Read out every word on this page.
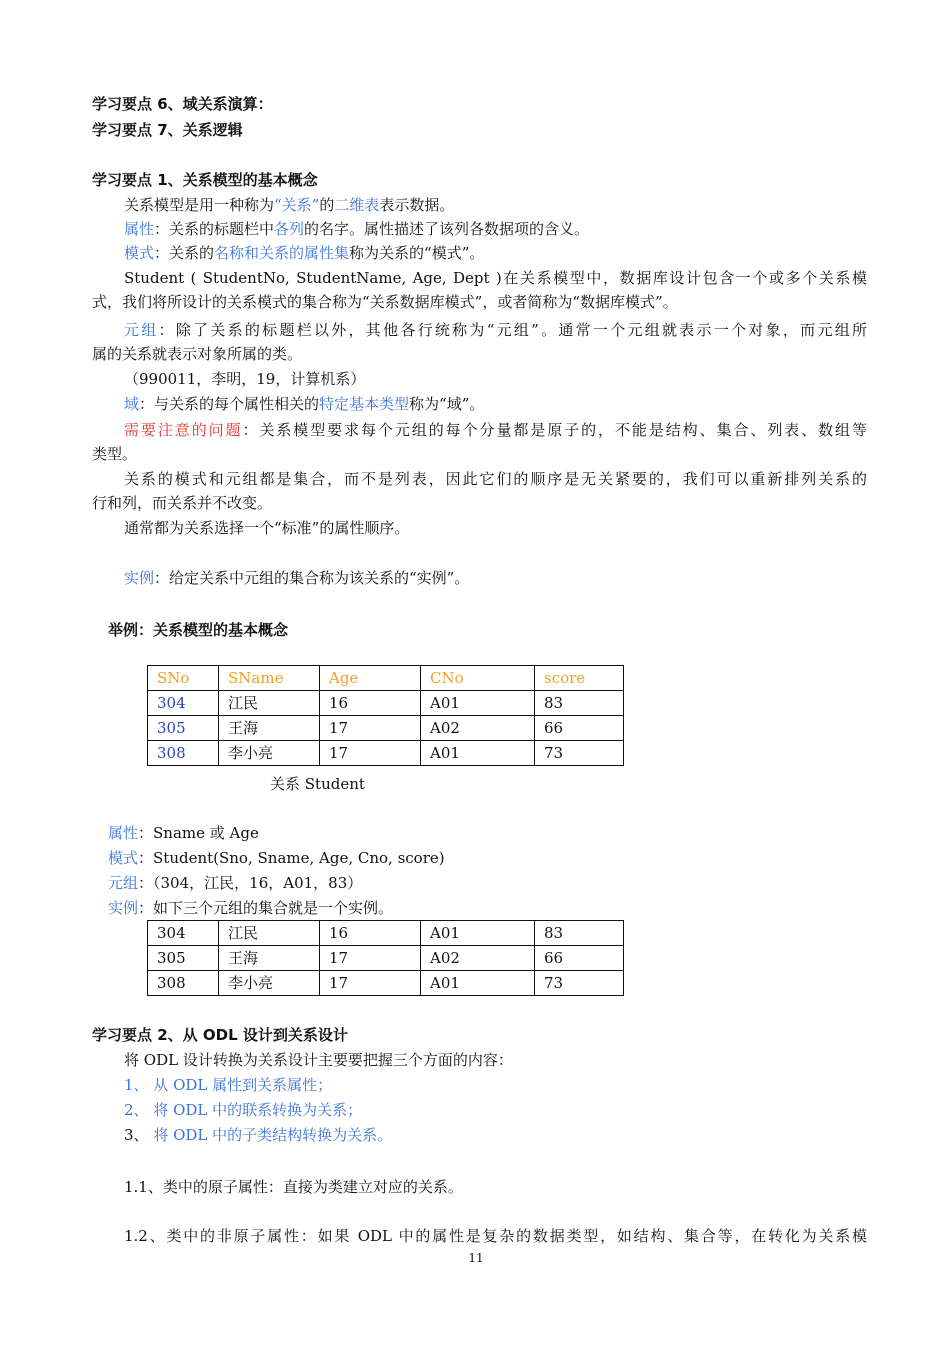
学习要点 6、域关系演算：
学习要点 7、关系逻辑
学习要点 1、关系模型的基本概念
关系模型是用一种称为“关系”的二维表表示数据。
属性：关系的标题栏中各列的名字。属性描述了该列各数据项的含义。
模式：关系的名称和关系的属性集称为关系的“模式”。
Student ( StudentNo, StudentName, Age, Dept )在关系模型中，数据库设计包含一个或多个关系模
式，我们将所设计的关系模式的集合称为“关系数据库模式”，或者简称为“数据库模式”。
元组：除了关系的标题栏以外，其他各行统称为“元组”。通常一个元组就表示一个对象，而元组所
属的关系就表示对象所属的类。
（990011，李明，19，计算机系）
域：与关系的每个属性相关的特定基本类型称为“域”。
需要注意的问题：关系模型要求每个元组的每个分量都是原子的，不能是结构、集合、列表、数组等
类型。
关系的模式和元组都是集合，而不是列表，因此它们的顺序是无关紧要的，我们可以重新排列关系的
行和列，而关系并不改变。
通常都为关系选择一个“标准”的属性顺序。
实例：给定关系中元组的集合称为该关系的“实例”。
举例：关系模型的基本概念
SNo	SName	Age	CNo	score
304	江民	16	A01	83
305	王海	17	A02	66
308	李小亮	17	A01	73
关系 Student
属性：Sname 或 Age
模式：Student(Sno, Sname, Age, Cno, score)
元组：（304，江民，16，A01，83）
实例：如下三个元组的集合就是一个实例。
304	江民	16	A01	83
305	王海	17	A02	66
308	李小亮	17	A01	73
学习要点 2、从 ODL 设计到关系设计
将 ODL 设计转换为关系设计主要要把握三个方面的内容：
1、 从 ODL 属性到关系属性；
2、 将 ODL 中的联系转换为关系；
3、 将 ODL 中的子类结构转换为关系。
1.1、类中的原子属性：直接为类建立对应的关系。
1.2、类中的非原子属性：如果 ODL 中的属性是复杂的数据类型，如结构、集合等，在转化为关系模
11
